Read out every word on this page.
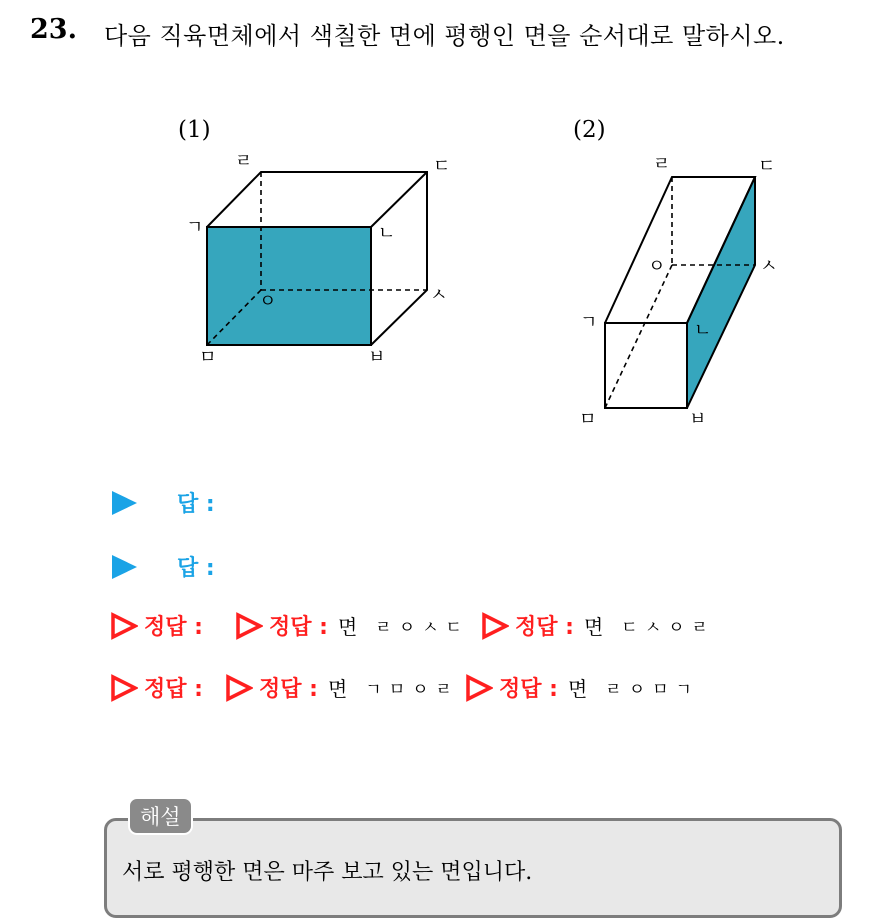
23. 다음 직육면체에서 색칠한 면에 평행인 면을 순서대로 말하시오.
(1)
ㄱ	ㄴ
ㄷ
ㄹ
ㅁ	ㅂ
ㅅ
ㅇ
(2)
ㄱ	ㄴ
ㄷ
ㄹ
ㅁ	ㅂ
ㅅ
ㅇ
답 :
답 :
정답 :	정답 : 면 ㄹㅇㅅㄷ 정답 : 면 ㄷㅅㅇㄹ
정답 :	정답 : 면 ㄱㅁㅇㄹ 정답 : 면 ㄹㅇㅁㄱ
해설
서로 평행한 면은 마주 보고 있는 면입니다.
